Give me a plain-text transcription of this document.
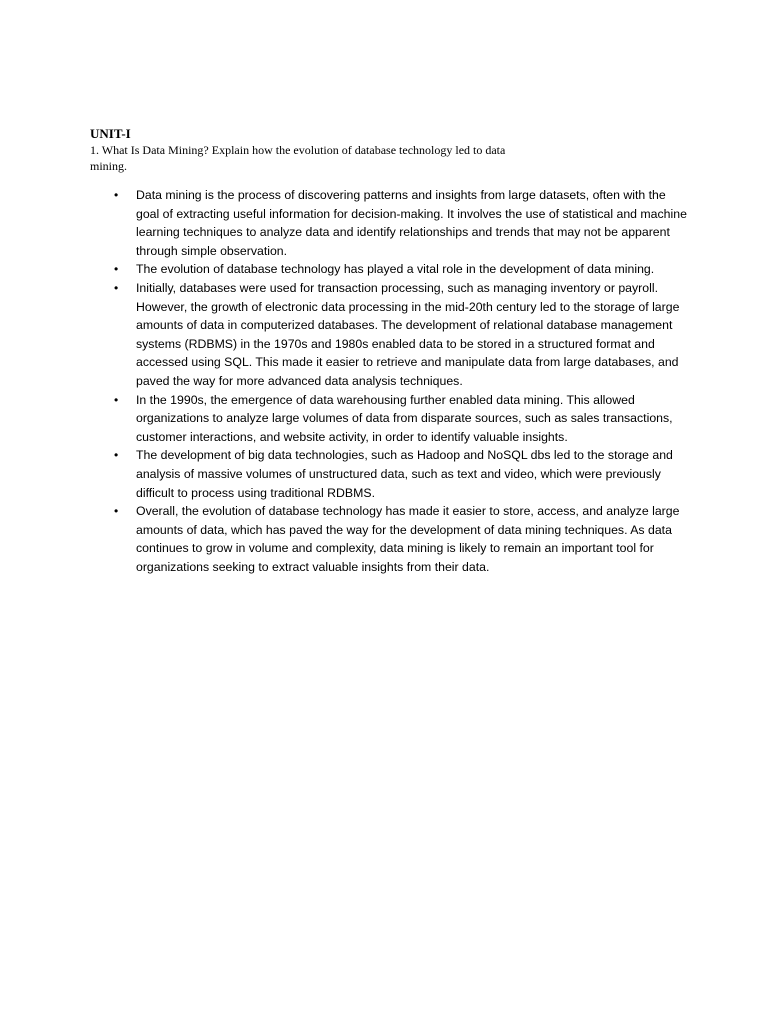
UNIT-I
1. What Is Data Mining? Explain how the evolution of database technology led to data mining.
• Data mining is the process of discovering patterns and insights from large datasets, often with the goal of extracting useful information for decision-making. It involves the use of statistical and machine learning techniques to analyze data and identify relationships and trends that may not be apparent through simple observation.
• The evolution of database technology has played a vital role in the development of data mining.
• Initially, databases were used for transaction processing, such as managing inventory or payroll. However, the growth of electronic data processing in the mid-20th century led to the storage of large amounts of data in computerized databases. The development of relational database management systems (RDBMS) in the 1970s and 1980s enabled data to be stored in a structured format and accessed using SQL. This made it easier to retrieve and manipulate data from large databases, and paved the way for more advanced data analysis techniques.
• In the 1990s, the emergence of data warehousing further enabled data mining. This allowed organizations to analyze large volumes of data from disparate sources, such as sales transactions, customer interactions, and website activity, in order to identify valuable insights.
• The development of big data technologies, such as Hadoop and NoSQL dbs led to the storage and analysis of massive volumes of unstructured data, such as text and video, which were previously difficult to process using traditional RDBMS.
• Overall, the evolution of database technology has made it easier to store, access, and analyze large amounts of data, which has paved the way for the development of data mining techniques. As data continues to grow in volume and complexity, data mining is likely to remain an important tool for organizations seeking to extract valuable insights from their data.
